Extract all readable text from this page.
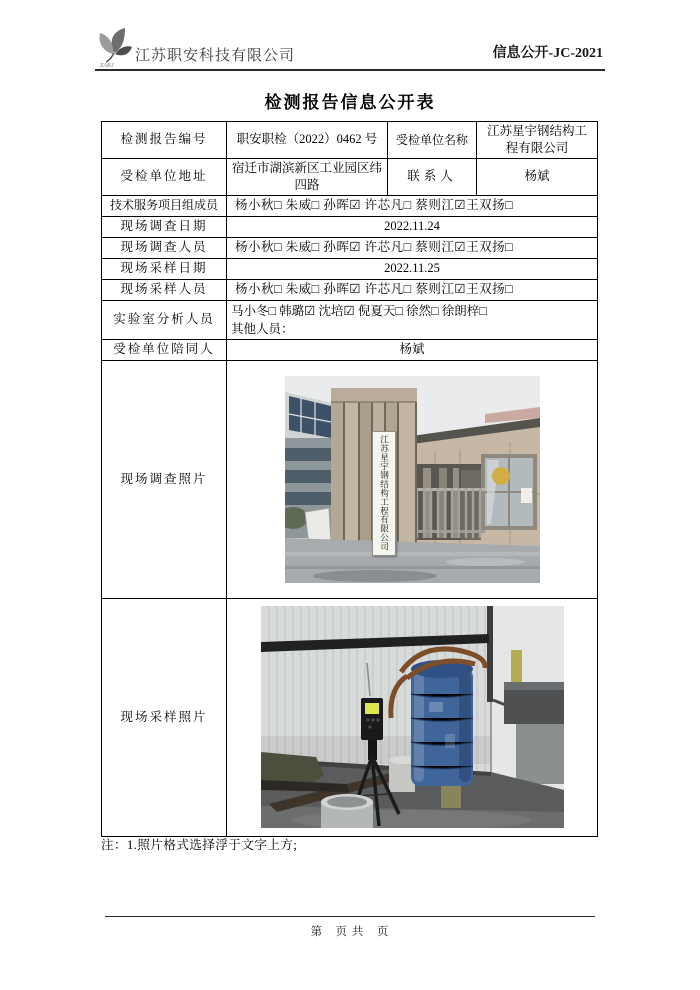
ZAKJ
江苏职安科技有限公司	信息公开-JC-2021
检测报告信息公开表
检测报告编号	职安职检（2022）0462 号	受检单位名称	江苏星宇钢结构工程有限公司
受检单位地址	宿迁市湖滨新区工业园区纬四路	联系人	杨斌
技术服务项目组成员	杨小秋□ 朱威□ 孙晖☑ 许芯凡□ 蔡则江☑王双扬□		
现场调查日期	2022.11.24		
现场调查人员	杨小秋□ 朱威□ 孙晖☑ 许芯凡□ 蔡则江☑王双扬□		
现场采样日期	2022.11.25		
现场采样人员	杨小秋□ 朱威□ 孙晖☑ 许芯凡□ 蔡则江☑王双扬□		
实验室分析人员	马小冬□ 韩璐☑ 沈培☑ 倪夏天□ 徐然□ 徐朗梓□
其他人员：		

受检单位陪同人	杨斌		
现场调查照片	江苏星宇钢结构工程有限公司		

现场采样照片	
注：1.照片格式选择浮于文字上方;
第　页 共　页
